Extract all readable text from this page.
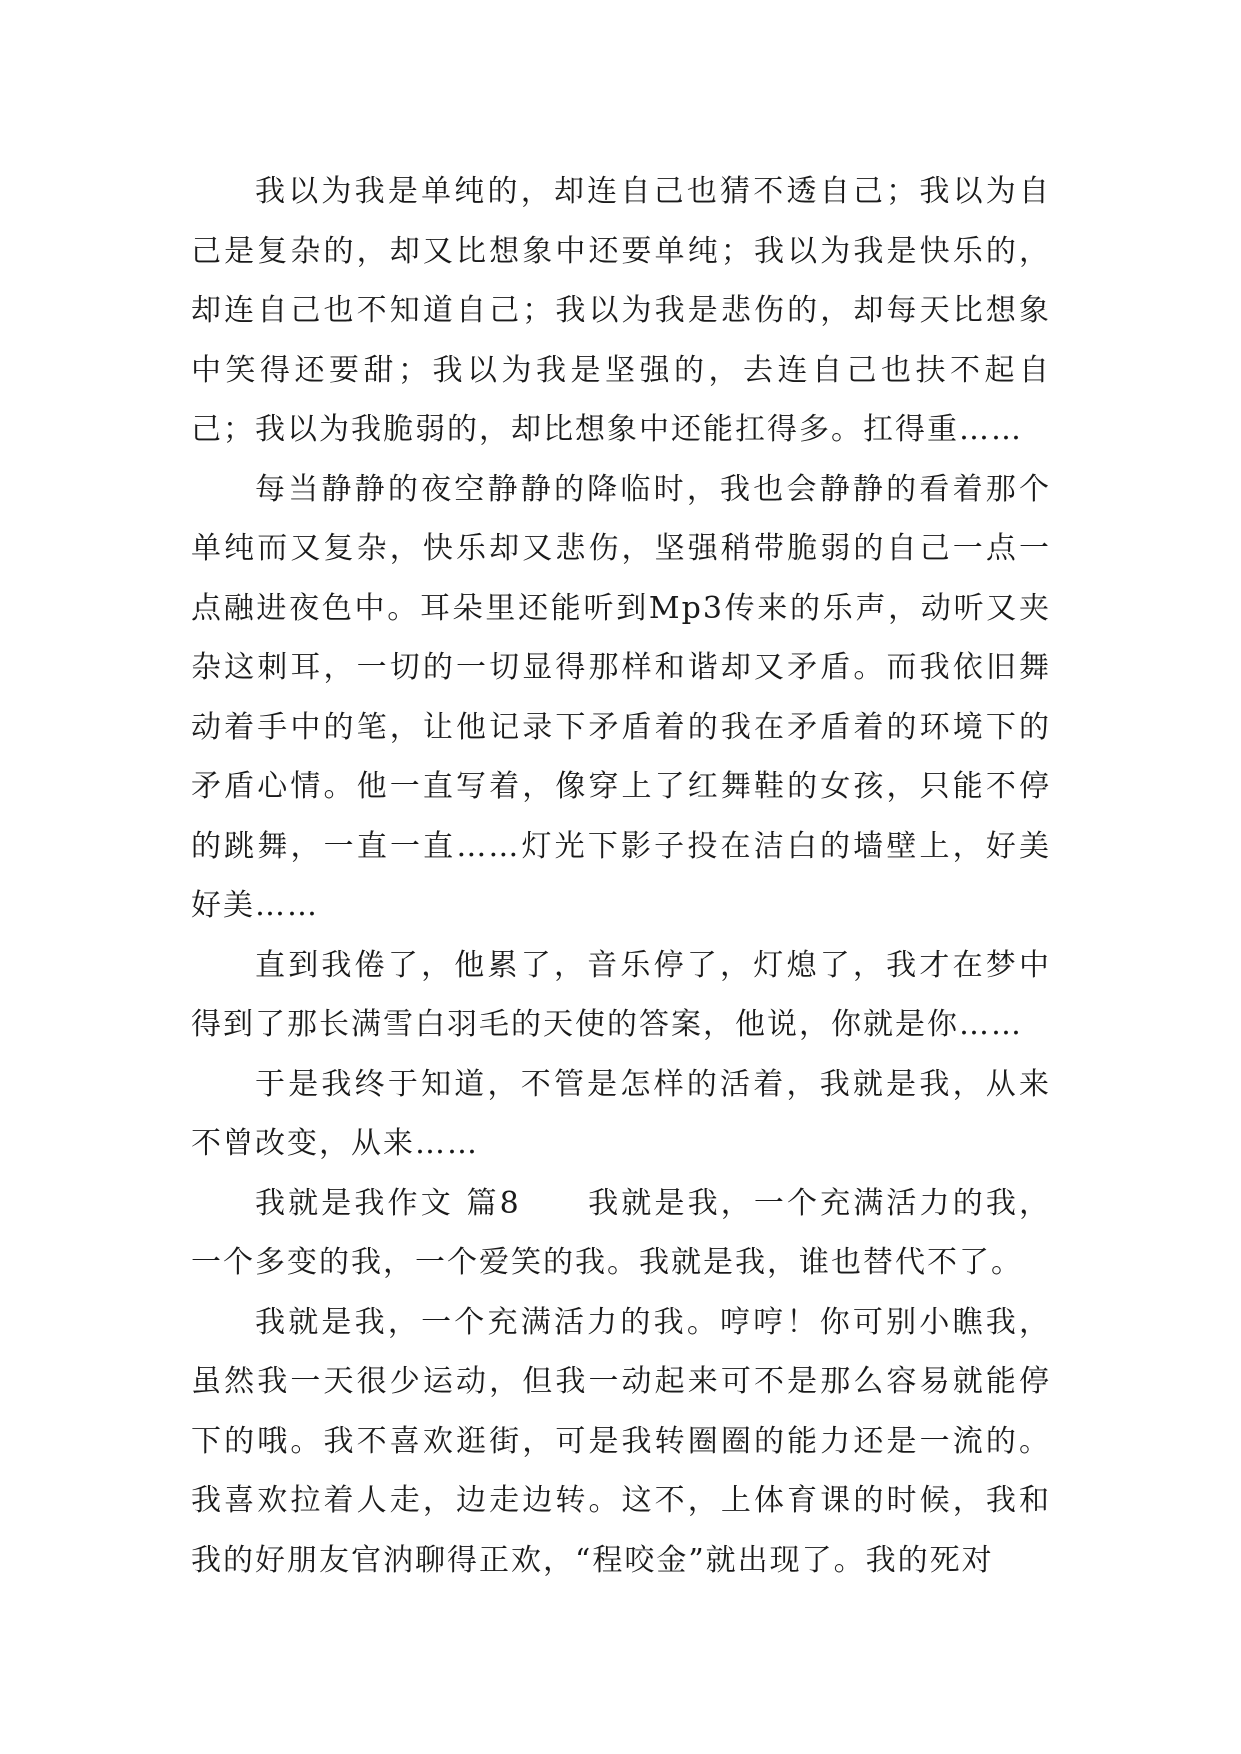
我以为我是单纯的，却连自己也猜不透自己；我以为自己是复杂的，却又比想象中还要单纯；我以为我是快乐的，却连自己也不知道自己；我以为我是悲伤的，却每天比想象中笑得还要甜；我以为我是坚强的，去连自己也扶不起自己；我以为我脆弱的，却比想象中还能扛得多。扛得重……

每当静静的夜空静静的降临时，我也会静静的看着那个单纯而又复杂，快乐却又悲伤，坚强稍带脆弱的自己一点一点融进夜色中。耳朵里还能听到Mp3传来的乐声，动听又夹杂这刺耳，一切的一切显得那样和谐却又矛盾。而我依旧舞动着手中的笔，让他记录下矛盾着的我在矛盾着的环境下的矛盾心情。他一直写着，像穿上了红舞鞋的女孩，只能不停的跳舞，一直一直……灯光下影子投在洁白的墙壁上，好美好美……

直到我倦了，他累了，音乐停了，灯熄了，我才在梦中得到了那长满雪白羽毛的天使的答案，他说，你就是你……

于是我终于知道，不管是怎样的活着，我就是我，从来不曾改变，从来……

我就是我作文 篇8　　我就是我，一个充满活力的我，一个多变的我，一个爱笑的我。我就是我，谁也替代不了。

我就是我，一个充满活力的我。哼哼！你可别小瞧我，虽然我一天很少运动，但我一动起来可不是那么容易就能停下的哦。我不喜欢逛街，可是我转圈圈的能力还是一流的。我喜欢拉着人走，边走边转。这不，上体育课的时候，我和我的好朋友官汭聊得正欢，“程咬金”就出现了。我的死对
